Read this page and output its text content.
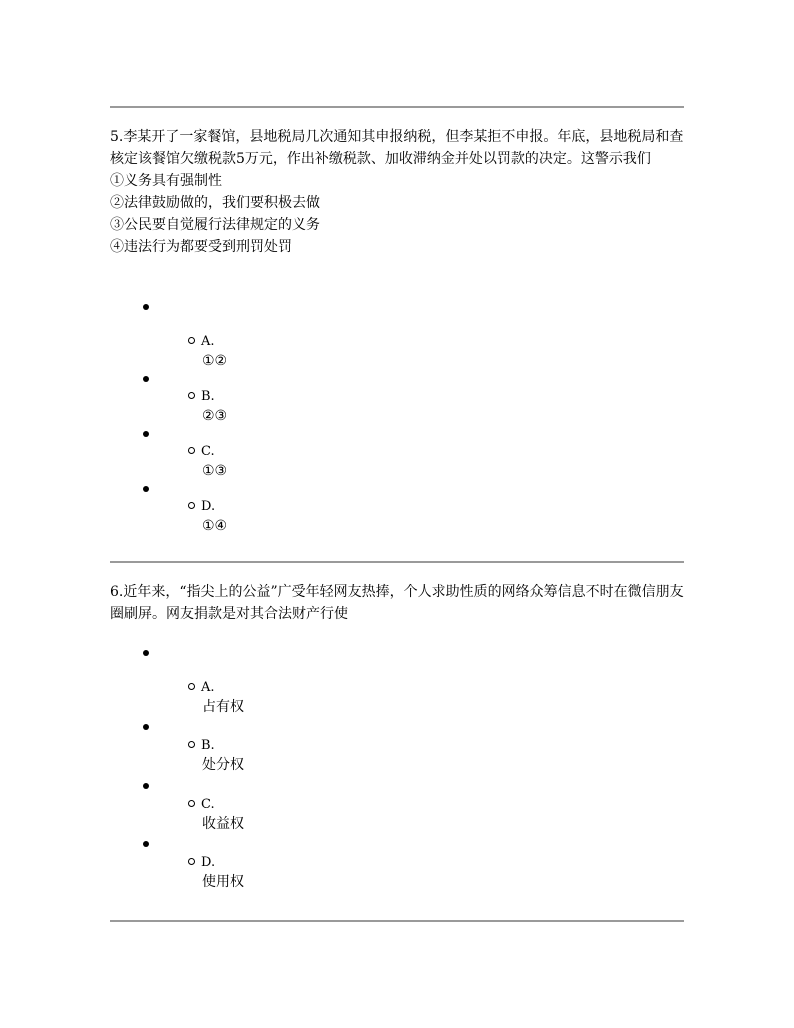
5.李某开了一家餐馆，县地税局几次通知其申报纳税，但李某拒不申报。年底，县地税局和查核定该餐馆欠缴税款5万元，作出补缴税款、加收滞纳金并处以罚款的决定。这警示我们

①义务具有强制性

②法律鼓励做的，我们要积极去做

③公民要自觉履行法律规定的义务

④违法行为都要受到刑罚处罚

A.
①②
B.
②③
C.
①③
D.
①④

6.近年来，“指尖上的公益”广受年轻网友热捧，个人求助性质的网络众筹信息不时在微信朋友圈刷屏。网友捐款是对其合法财产行使

A.
占有权
B.
处分权
C.
收益权
D.
使用权
